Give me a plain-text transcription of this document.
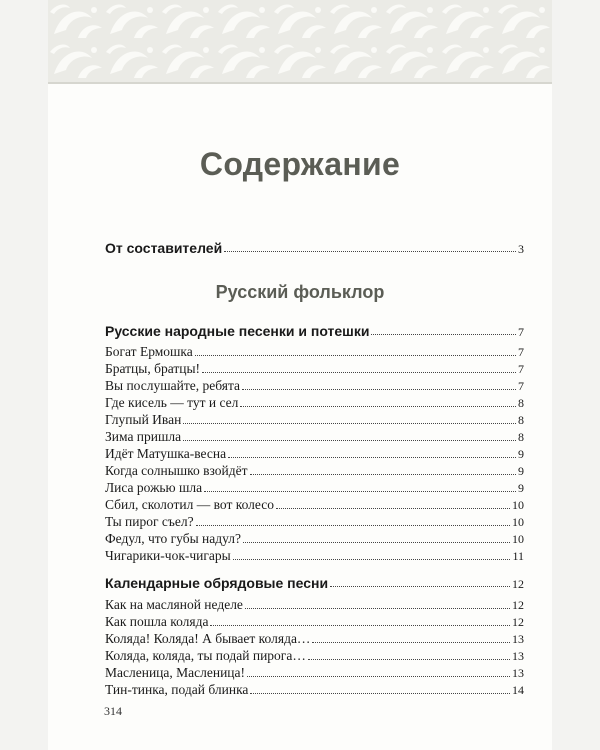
Содержание
От составителей	3
Русский фольклор
Русские народные песенки и потешки	7
Богат Ермошка	7
Братцы, братцы!	7
Вы послушайте, ребята	7
Где кисель — тут и сел	8
Глупый Иван	8
Зима пришла	8
Идёт Матушка-весна	9
Когда солнышко взойдёт	9
Лиса рожью шла	9
Сбил, сколотил — вот колесо	10
Ты пирог съел?	10
Федул, что губы надул?	10
Чигарики-чок-чигары	11
Календарные обрядовые песни	12
Как на масляной неделе	12
Как пошла коляда	12
Коляда! Коляда! А бывает коляда…	13
Коляда, коляда, ты подай пирога…	13
Масленица, Масленица!	13
Тин-тинка, подай блинка	14
314
